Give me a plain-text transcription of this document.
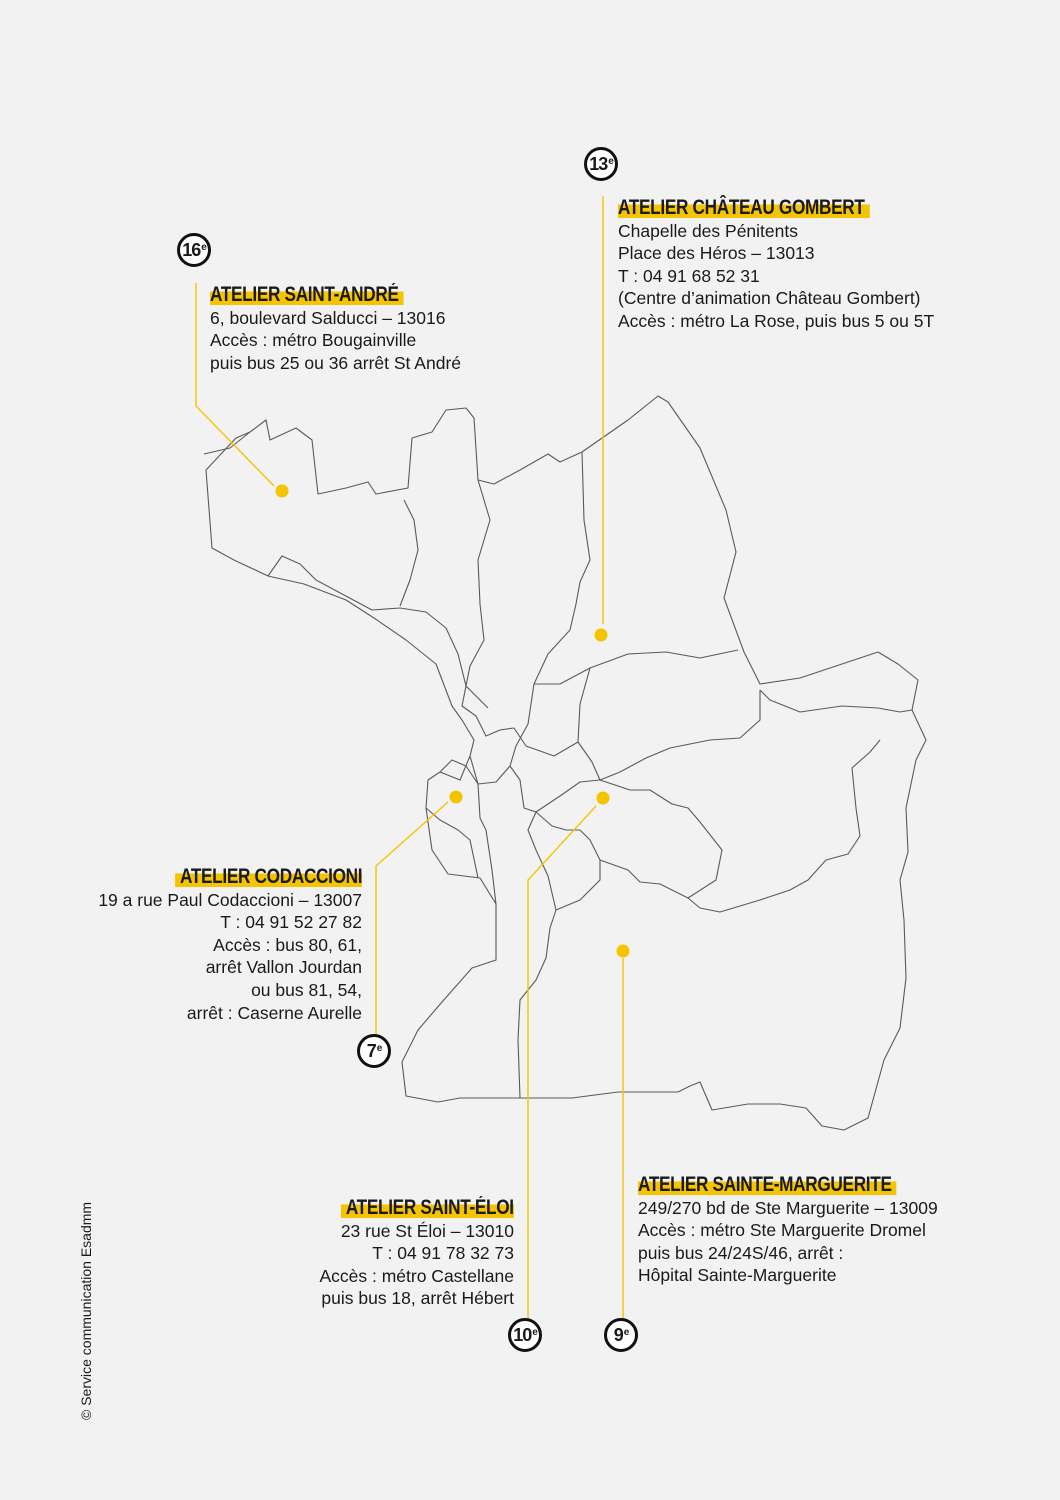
13e
16e
7e
10e	9e
ATELIER CHÂTEAU GOMBERT
Chapelle des Pénitents
Place des Héros – 13013
T : 04 91 68 52 31
(Centre d’animation Château Gombert)
Accès : métro La Rose, puis bus 5 ou 5T
ATELIER SAINT-ANDRÉ
6, boulevard Salducci – 13016
Accès : métro Bougainville
puis bus 25 ou 36 arrêt St André
ATELIER CODACCIONI
19 a rue Paul Codaccioni – 13007
T : 04 91 52 27 82
Accès : bus 80, 61,
arrêt Vallon Jourdan
ou bus 81, 54,
arrêt : Caserne Aurelle
ATELIER SAINT-ÉLOI
23 rue St Éloi – 13010
T : 04 91 78 32 73
Accès : métro Castellane
puis bus 18, arrêt Hébert
ATELIER SAINTE-MARGUERITE
249/270 bd de Ste Marguerite – 13009
Accès : métro Ste Marguerite Dromel
puis bus 24/24S/46, arrêt :
Hôpital Sainte-Marguerite
© Service communication Esadmm
